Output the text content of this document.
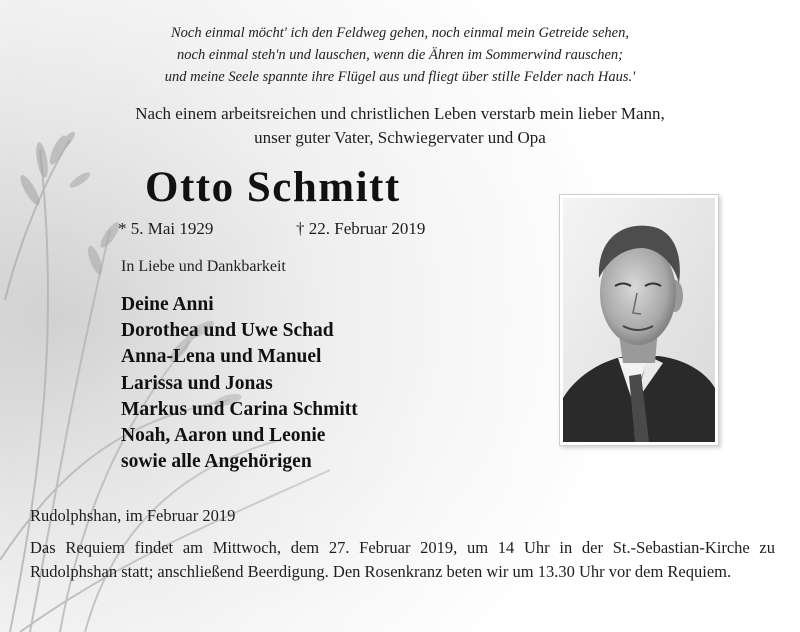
Noch einmal möcht' ich den Feldweg gehen, noch einmal mein Getreide sehen,
noch einmal steh'n und lauschen, wenn die Ähren im Sommerwind rauschen;
und meine Seele spannte ihre Flügel aus und fliegt über stille Felder nach Haus.'
Nach einem arbeitsreichen und christlichen Leben verstarb mein lieber Mann,
unser guter Vater, Schwiegervater und Opa
Otto Schmitt
* 5. Mai 1929	† 22. Februar 2019
In Liebe und Dankbarkeit
Deine Anni
Dorothea und Uwe Schad
Anna-Lena und Manuel
Larissa und Jonas
Markus und Carina Schmitt
Noah, Aaron und Leonie
sowie alle Angehörigen
Rudolphshan, im Februar 2019
Das Requiem findet am Mittwoch, dem 27. Februar 2019, um 14 Uhr in der St.-Sebastian-Kirche zu Rudolphshan statt; anschließend Beerdigung. Den Rosenkranz beten wir um 13.30 Uhr vor dem Requiem.
